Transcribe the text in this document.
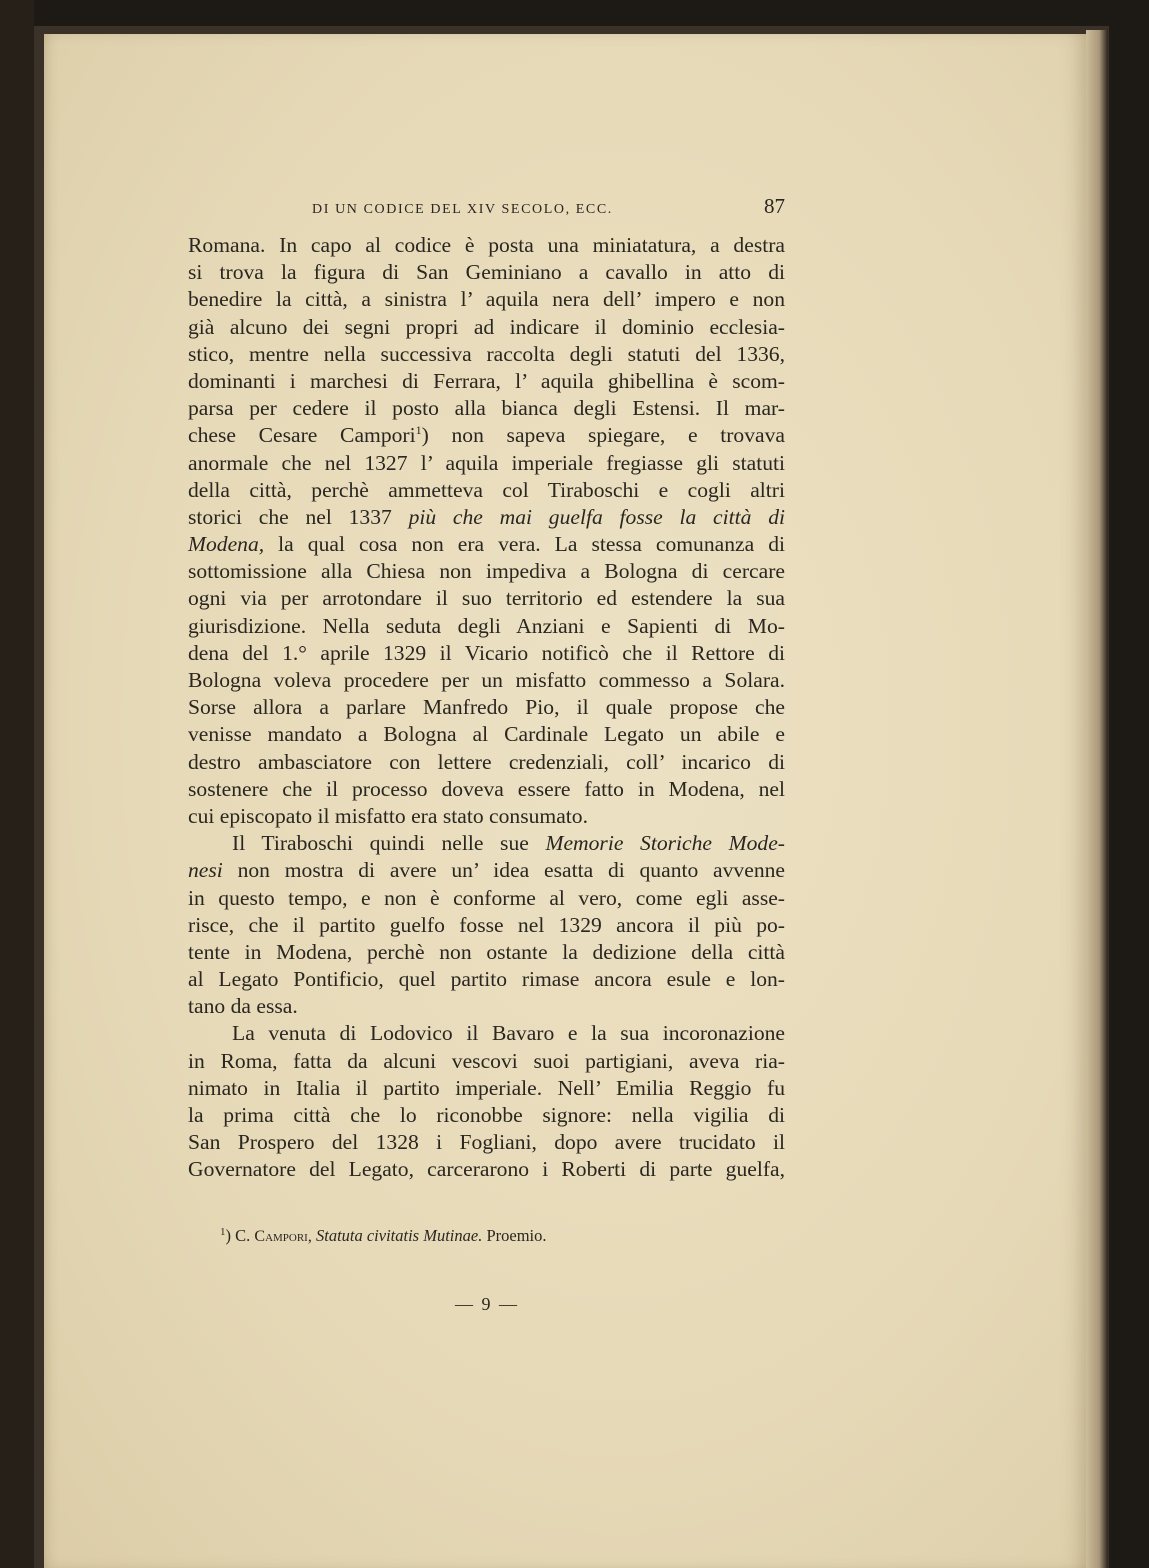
DI UN CODICE DEL XIV SECOLO, ECC.	87
Romana. In capo al codice è posta una miniatatura, a destra
si trova la figura di San Geminiano a cavallo in atto di
benedire la città, a sinistra l’ aquila nera dell’ impero e non
già alcuno dei segni propri ad indicare il dominio ecclesia-
stico, mentre nella successiva raccolta degli statuti del 1336,
dominanti i marchesi di Ferrara, l’ aquila ghibellina è scom-
parsa per cedere il posto alla bianca degli Estensi. Il mar-
chese Cesare Campori$^1$) non sapeva spiegare, e trovava
anormale che nel 1327 l’ aquila imperiale fregiasse gli statuti
della città, perchè ammetteva col Tiraboschi e cogli altri
storici che nel 1337 più che mai guelfa fosse la città di
Modena, la qual cosa non era vera. La stessa comunanza di
sottomissione alla Chiesa non impediva a Bologna di cercare
ogni via per arrotondare il suo territorio ed estendere la sua
giurisdizione. Nella seduta degli Anziani e Sapienti di Mo-
dena del 1.° aprile 1329 il Vicario notificò che il Rettore di
Bologna voleva procedere per un misfatto commesso a Solara.
Sorse allora a parlare Manfredo Pio, il quale propose che
venisse mandato a Bologna al Cardinale Legato un abile e
destro ambasciatore con lettere credenziali, coll’ incarico di
sostenere che il processo doveva essere fatto in Modena, nel
cui episcopato il misfatto era stato consumato.
Il Tiraboschi quindi nelle sue Memorie Storiche Mode-
nesi non mostra di avere un’ idea esatta di quanto avvenne
in questo tempo, e non è conforme al vero, come egli asse-
risce, che il partito guelfo fosse nel 1329 ancora il più po-
tente in Modena, perchè non ostante la dedizione della città
al Legato Pontificio, quel partito rimase ancora esule e lon-
tano da essa.
La venuta di Lodovico il Bavaro e la sua incoronazione
in Roma, fatta da alcuni vescovi suoi partigiani, aveva ria-
nimato in Italia il partito imperiale. Nell’ Emilia Reggio fu
la prima città che lo riconobbe signore: nella vigilia di
San Prospero del 1328 i Fogliani, dopo avere trucidato il
Governatore del Legato, carcerarono i Roberti di parte guelfa,
$^1$) C. Campori, Statuta civitatis Mutinae. Proemio.
— 9 —
